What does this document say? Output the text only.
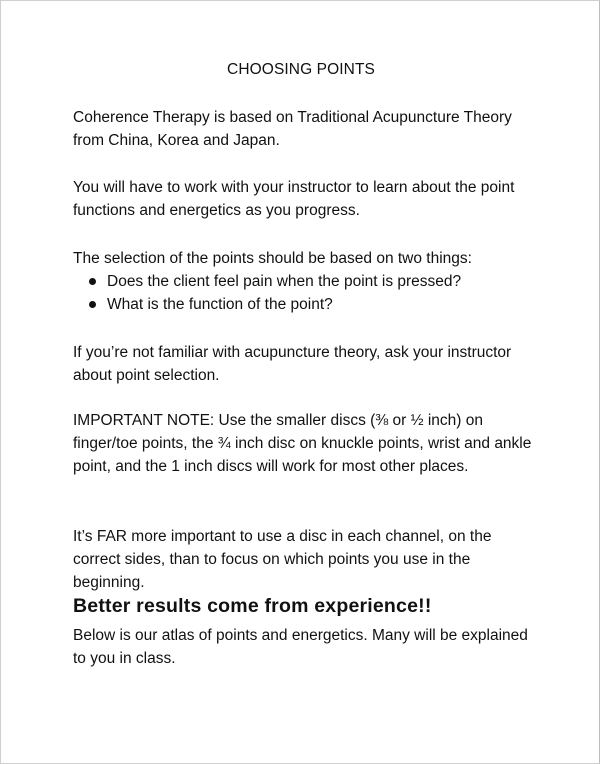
CHOOSING POINTS

Coherence Therapy is based on Traditional Acupuncture Theory from China, Korea and Japan.

You will have to work with your instructor to learn about the point functions and energetics as you progress.

The selection of the points should be based on two things:

Does the client feel pain when the point is pressed?
What is the function of the point?

If you’re not familiar with acupuncture theory, ask your instructor about point selection.

IMPORTANT NOTE: Use the smaller discs (⅜ or ½ inch) on finger/toe points, the ¾ inch disc on knuckle points, wrist and ankle point, and the 1 inch discs will work for most other places.

It’s FAR more important to use a disc in each channel, on the correct sides, than to focus on which points you use in the beginning.

Better results come from experience!!

Below is our atlas of points and energetics. Many will be explained to you in class.
